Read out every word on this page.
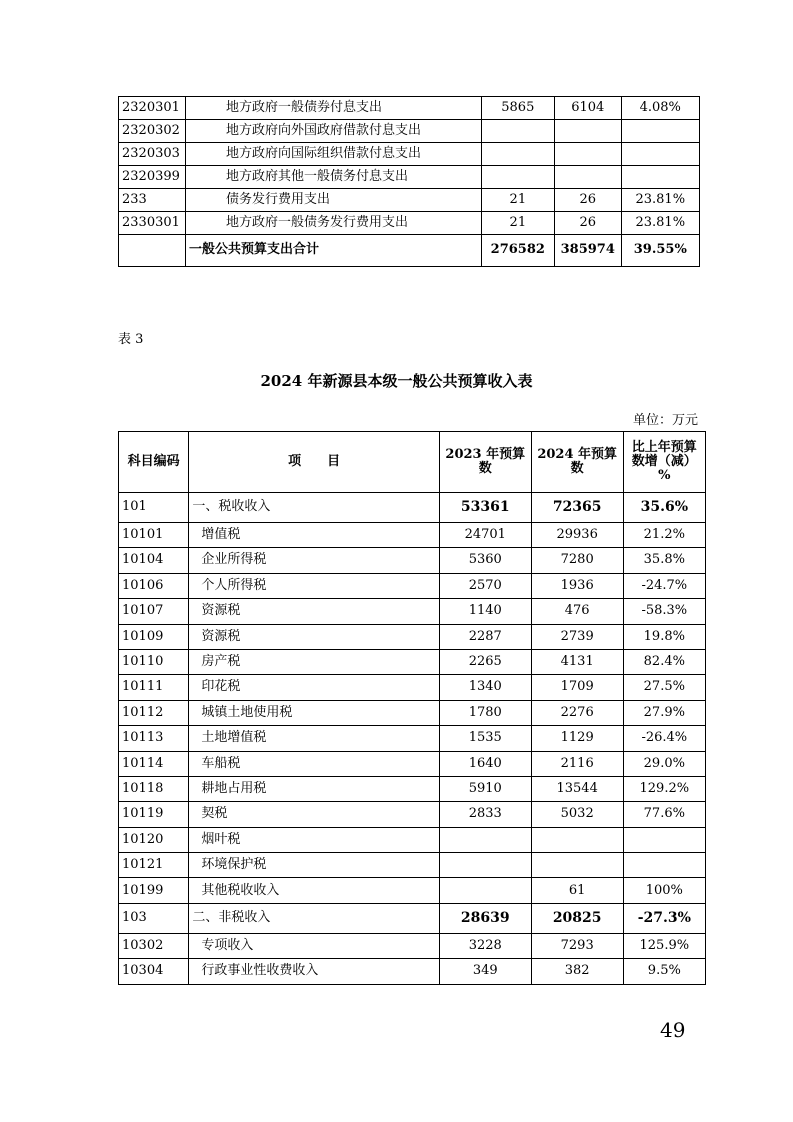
2320301	地方政府一般债券付息支出	5865	6104	4.08%
2320302	地方政府向外国政府借款付息支出			
2320303	地方政府向国际组织借款付息支出			
2320399	地方政府其他一般债务付息支出			
233	债务发行费用支出	21	26	23.81%
2330301	地方政府一般债务发行费用支出	21	26	23.81%
	一般公共预算支出合计	276582	385974	39.55%
表 3
2024 年新源县本级一般公共预算收入表
单位：万元
科目编码	项　　目	2023 年预算数	2024 年预算数	比上年预算数增（减）%
101	一、税收收入	53361	72365	35.6%
10101	增值税	24701	29936	21.2%
10104	企业所得税	5360	7280	35.8%
10106	个人所得税	2570	1936	-24.7%
10107	资源税	1140	476	-58.3%
10109	资源税	2287	2739	19.8%
10110	房产税	2265	4131	82.4%
10111	印花税	1340	1709	27.5%
10112	城镇土地使用税	1780	2276	27.9%
10113	土地增值税	1535	1129	-26.4%
10114	车船税	1640	2116	29.0%
10118	耕地占用税	5910	13544	129.2%
10119	契税	2833	5032	77.6%
10120	烟叶税			
10121	环境保护税			
10199	其他税收收入		61	100%
103	二、非税收入	28639	20825	-27.3%
10302	专项收入	3228	7293	125.9%
10304	行政事业性收费收入	349	382	9.5%
49
